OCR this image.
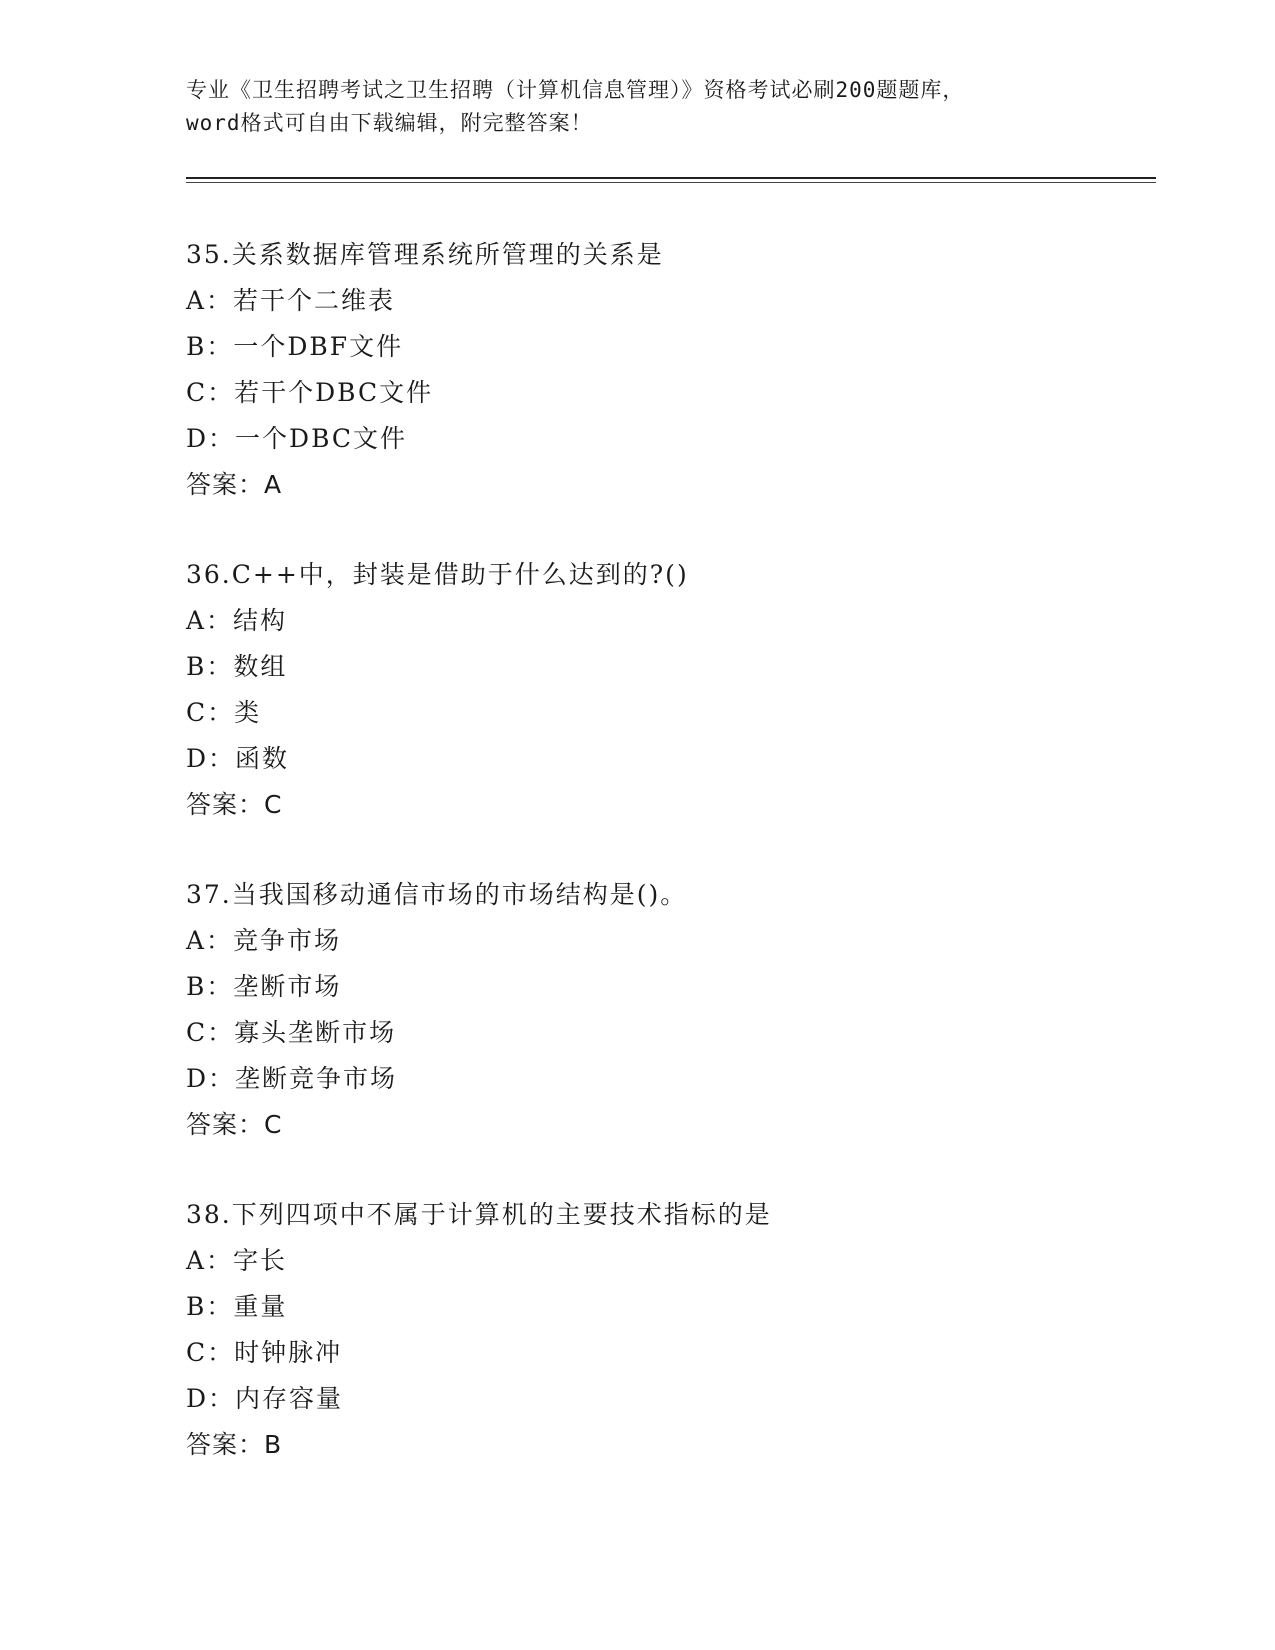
专业《卫生招聘考试之卫生招聘（计算机信息管理）》资格考试必刷200题题库，
word格式可自由下载编辑，附完整答案！
35.关系数据库管理系统所管理的关系是
A：若干个二维表
B：一个DBF文件
C：若干个DBC文件
D：一个DBC文件
答案：A
36.C++中，封装是借助于什么达到的?()
A：结构
B：数组
C：类
D：函数
答案：C
37.当我国移动通信市场的市场结构是()。
A：竞争市场
B：垄断市场
C：寡头垄断市场
D：垄断竞争市场
答案：C
38.下列四项中不属于计算机的主要技术指标的是
A：字长
B：重量
C：时钟脉冲
D：内存容量
答案：B
